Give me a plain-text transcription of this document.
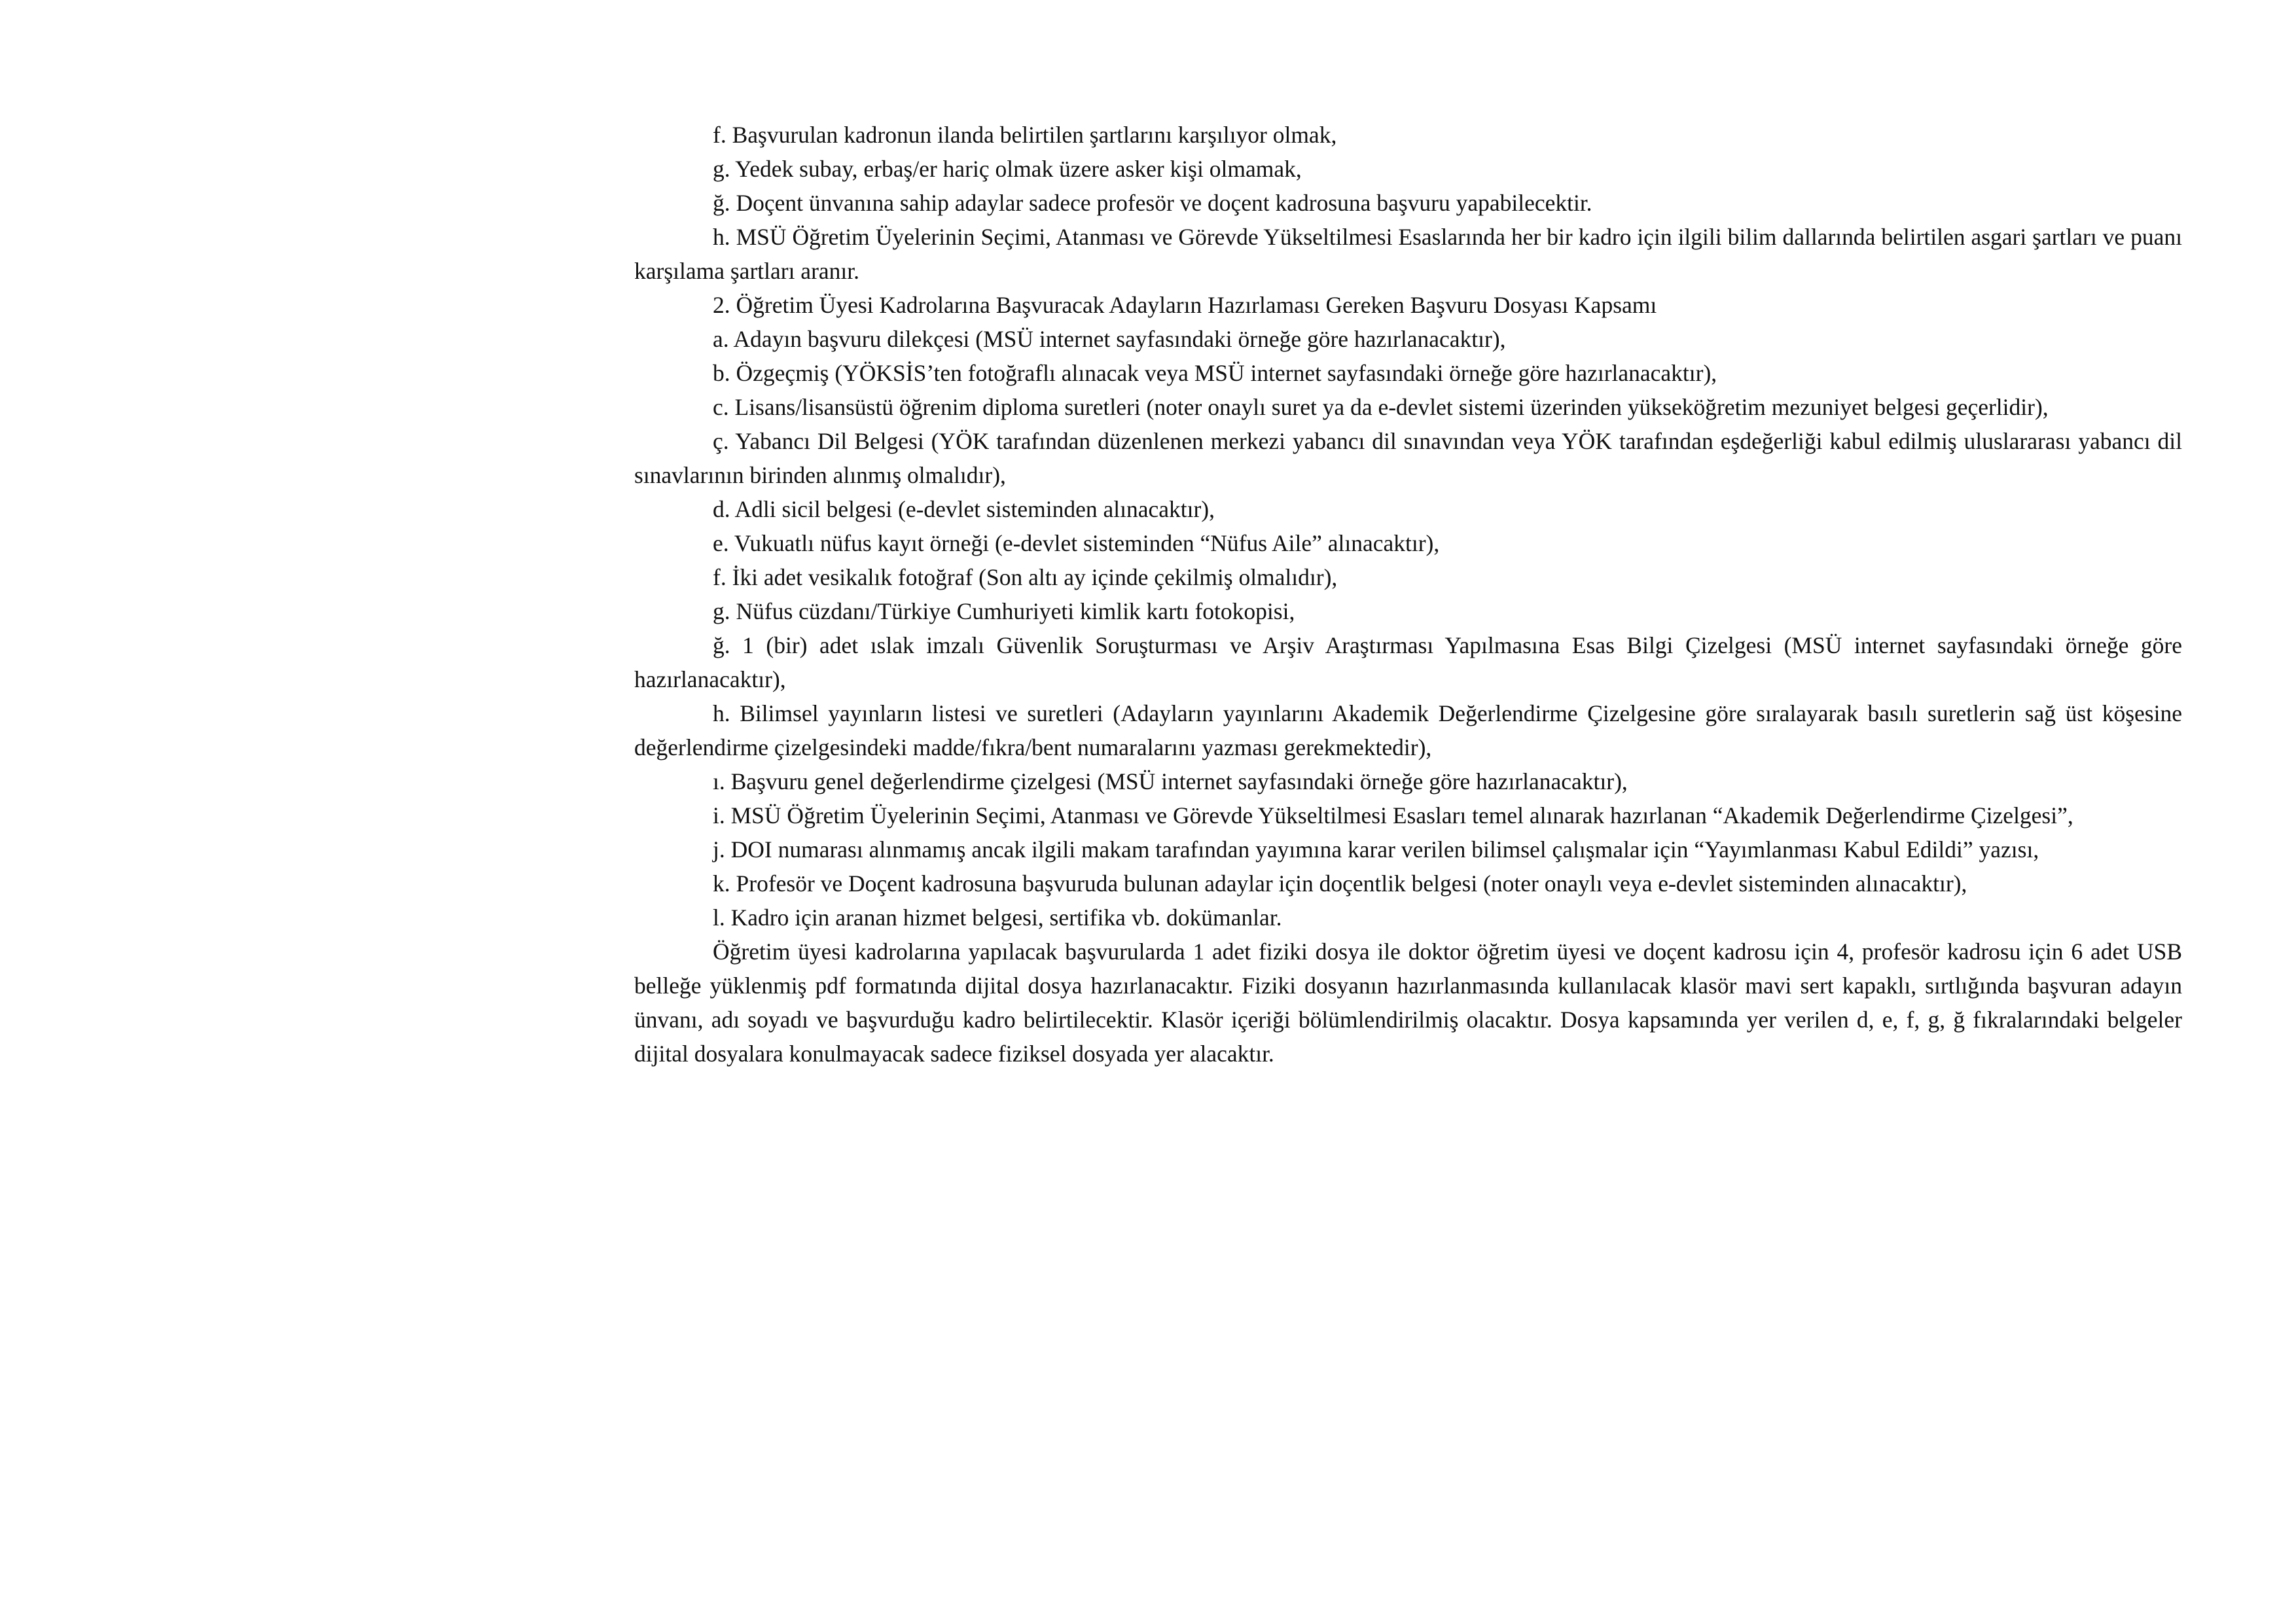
f. Başvurulan kadronun ilanda belirtilen şartlarını karşılıyor olmak,

g. Yedek subay, erbaş/er hariç olmak üzere asker kişi olmamak,

ğ. Doçent ünvanına sahip adaylar sadece profesör ve doçent kadrosuna başvuru yapabilecektir.

h. MSÜ Öğretim Üyelerinin Seçimi, Atanması ve Görevde Yükseltilmesi Esaslarında her bir kadro için ilgili bilim dallarında belirtilen asgari şartları ve puanı karşılama şartları aranır.

2. Öğretim Üyesi Kadrolarına Başvuracak Adayların Hazırlaması Gereken Başvuru Dosyası Kapsamı

a. Adayın başvuru dilekçesi (MSÜ internet sayfasındaki örneğe göre hazırlanacaktır),

b. Özgeçmiş (YÖKSİS’ten fotoğraflı alınacak veya MSÜ internet sayfasındaki örneğe göre hazırlanacaktır),

c. Lisans/lisansüstü öğrenim diploma suretleri (noter onaylı suret ya da e-devlet sistemi üzerinden yükseköğretim mezuniyet belgesi geçerlidir),

ç. Yabancı Dil Belgesi (YÖK tarafından düzenlenen merkezi yabancı dil sınavından veya YÖK tarafından eşdeğerliği kabul edilmiş uluslararası yabancı dil sınavlarının birinden alınmış olmalıdır),

d. Adli sicil belgesi (e-devlet sisteminden alınacaktır),

e. Vukuatlı nüfus kayıt örneği (e-devlet sisteminden “Nüfus Aile” alınacaktır),

f. İki adet vesikalık fotoğraf (Son altı ay içinde çekilmiş olmalıdır),

g. Nüfus cüzdanı/Türkiye Cumhuriyeti kimlik kartı fotokopisi,

ğ. 1 (bir) adet ıslak imzalı Güvenlik Soruşturması ve Arşiv Araştırması Yapılmasına Esas Bilgi Çizelgesi (MSÜ internet sayfasındaki örneğe göre hazırlanacaktır),

h. Bilimsel yayınların listesi ve suretleri (Adayların yayınlarını Akademik Değerlendirme Çizelgesine göre sıralayarak basılı suretlerin sağ üst köşesine değerlendirme çizelgesindeki madde/fıkra/bent numaralarını yazması gerekmektedir),

ı. Başvuru genel değerlendirme çizelgesi (MSÜ internet sayfasındaki örneğe göre hazırlanacaktır),

i. MSÜ Öğretim Üyelerinin Seçimi, Atanması ve Görevde Yükseltilmesi Esasları temel alınarak hazırlanan “Akademik Değerlendirme Çizelgesi”,

j. DOI numarası alınmamış ancak ilgili makam tarafından yayımına karar verilen bilimsel çalışmalar için “Yayımlanması Kabul Edildi” yazısı,

k. Profesör ve Doçent kadrosuna başvuruda bulunan adaylar için doçentlik belgesi (noter onaylı veya e-devlet sisteminden alınacaktır),

l. Kadro için aranan hizmet belgesi, sertifika vb. dokümanlar.

Öğretim üyesi kadrolarına yapılacak başvurularda 1 adet fiziki dosya ile doktor öğretim üyesi ve doçent kadrosu için 4, profesör kadrosu için 6 adet USB belleğe yüklenmiş pdf formatında dijital dosya hazırlanacaktır. Fiziki dosyanın hazırlanmasında kullanılacak klasör mavi sert kapaklı, sırtlığında başvuran adayın ünvanı, adı soyadı ve başvurduğu kadro belirtilecektir. Klasör içeriği bölümlendirilmiş olacaktır. Dosya kapsamında yer verilen d, e, f, g, ğ fıkralarındaki belgeler dijital dosyalara konulmayacak sadece fiziksel dosyada yer alacaktır.
